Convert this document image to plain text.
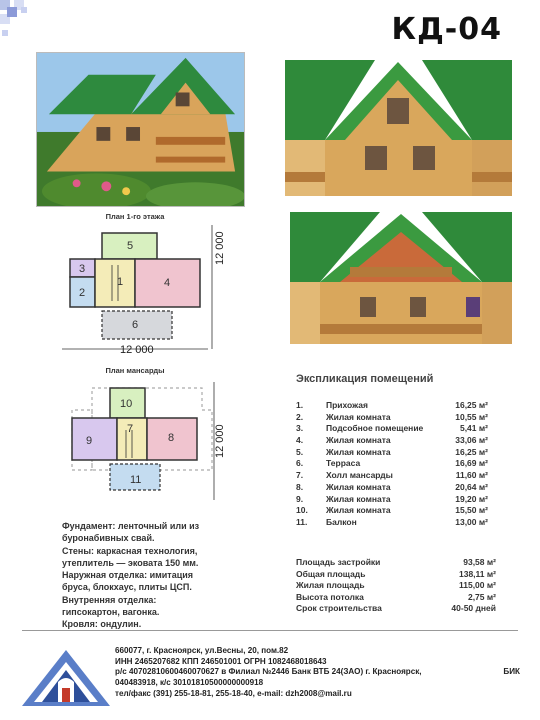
КД-04
План 1-го этажа
5
3
2
1	4
6
12 000
12 000
План мансарды
10
9
7
8
11
12 000
Экспликация помещений
1.	Прихожая	16,25 м²
2.	Жилая комната	10,55 м²
3.	Подсобное помещение	5,41 м²
4.	Жилая комната	33,06 м²
5.	Жилая комната	16,25 м²
6.	Терраса	16,69 м²
7.	Холл мансарды	11,60 м²
8.	Жилая комната	20,64 м²
9.	Жилая комната	19,20 м²
10.	Жилая комната	15,50 м²
11.	Балкон	13,00 м²
Площадь застройки	93,58 м²
Общая площадь	138,11 м²
Жилая площадь	115,00 м²
Высота потолка	2,75 м²
Срок строительства	40-50 дней
Фундамент: ленточный или из
буронабивных свай.
Стены: каркасная технология,
утеплитель — эковата 150 мм.
Наружная отделка: имитация
бруса, блокхаус, плиты ЦСП.
Внутренняя отделка:
гипсокартон, вагонка.
Кровля: ондулин.
660077, г. Красноярск, ул.Весны, 20, пом.82
ИНН 2465207682 КПП 246501001 ОГРН 1082468018643
р/с 40702810600460070627 в Филиал №2446 Банк ВТБ 24(ЗАО) г. Красноярск,	БИК
040483918, к/с 30101810500000000918
тел/факс (391) 255-18-81, 255-18-40, e-mail: dzh2008@mail.ru
